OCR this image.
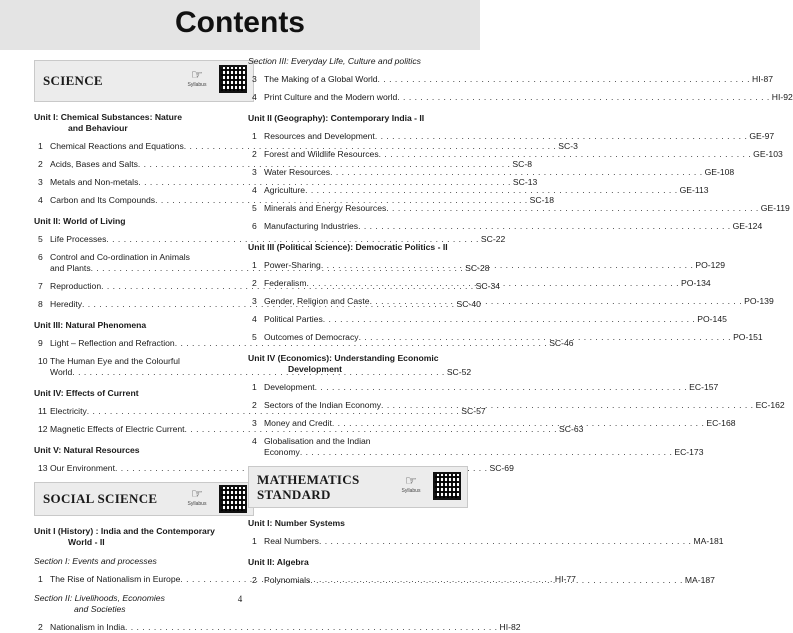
Contents
SCIENCE	☞
Syllabus
Unit I: Chemical Substances: Nature
and Behaviour
1 Chemical Reactions and Equations . . .	SC-3
2 Acids, Bases and Salts . . .	SC-8
3 Metals and Non-metals . . .	SC-13
4 Carbon and Its Compounds . . .	SC-18
Unit II: World of Living
5 Life Processes . . .	SC-22
6 Control and Co-ordination in Animals
and Plants . . .	SC-28
7 Reproduction . . .	SC-34
8 Heredity . . .	SC-40
Unit III: Natural Phenomena
9 Light – Reflection and Refraction . . .	SC-46
10 The Human Eye and the Colourful
World . . .	SC-52
Unit IV: Effects of Current
11 Electricity . . .	SC-57
12 Magnetic Effects of Electric Current . . .	SC-63
Unit V: Natural Resources
13 Our Environment . . .	SC-69
SOCIAL SCIENCE	☞
Syllabus
Unit I (History) : India and the Contemporary
World - II
Section I: Events and processes
1 The Rise of Nationalism in Europe . . .	HI-77
Section II: Livelihoods, Economies
and Societies
2 Nationalism in India . . .	HI-82
Section III: Everyday Life, Culture and politics
3 The Making of a Global World . . .	HI-87
4 Print Culture and the Modern world . . .	HI-92
Unit II (Geography): Contemporary India - II
1 Resources and Development . . .	GE-97
2 Forest and Wildlife Resources . . .	GE-103
3 Water Resources . . .	GE-108
4 Agriculture . . .	GE-113
5 Minerals and Energy Resources . . .	GE-119
6 Manufacturing Industries . . .	GE-124
Unit III (Political Science): Democratic Politics - II
1 Power-Sharing . . .	PO-129
2 Federalism . . .	PO-134
3 Gender, Religion and Caste . . .	PO-139
4 Political Parties . . .	PO-145
5 Outcomes of Democracy . . .	PO-151
Unit IV (Economics): Understanding Economic
Development
1 Development . . .	EC-157
2 Sectors of the Indian Economy . . .	EC-162
3 Money and Credit . . .	EC-168
4 Globalisation and the Indian
Economy . . .	EC-173
MATHEMATICS
STANDARD
☞
Syllabus
Unit I: Number Systems
1 Real Numbers . . .	MA-181
Unit II: Algebra
2 Polynomials . . .	MA-187
4
